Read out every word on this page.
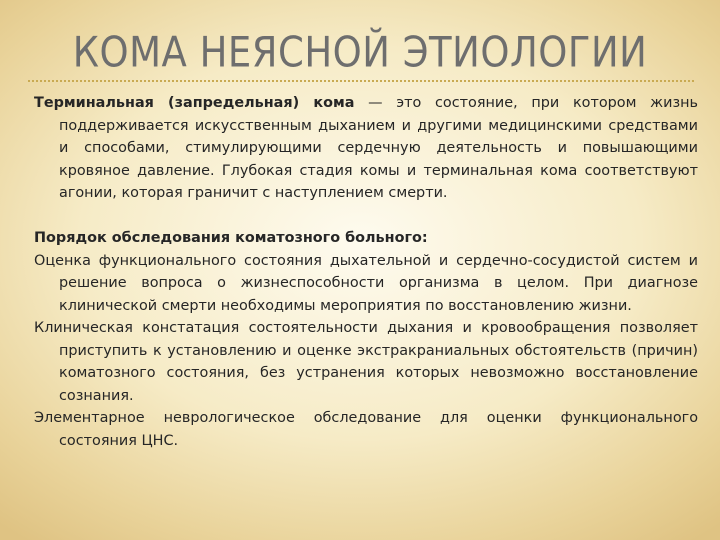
КОМА НЕЯСНОЙ ЭТИОЛОГИИ

Терминальная (запредельная) кома — это состояние, при котором жизнь поддерживается искусственным дыханием и другими медицинскими средствами и способами, стимулирующими сердечную деятельность и повышающими кровяное давление. Глубокая стадия комы и терминальная кома соответствуют агонии, которая граничит с наступлением смерти.

Порядок обследования коматозного больного:

Оценка функционального состояния дыхательной и сердечно-сосудистой систем и решение вопроса о жизнеспособности организма в целом. При диагнозе клинической смерти необходимы мероприятия по восстановлению жизни.

Клиническая констатация состоятельности дыхания и кровообращения позволяет приступить к установлению и оценке экстракраниальных обстоятельств (причин) коматозного состояния, без устранения которых невозможно восстановление сознания.

Элементарное неврологическое обследование для оценки функционального состояния ЦНС.
